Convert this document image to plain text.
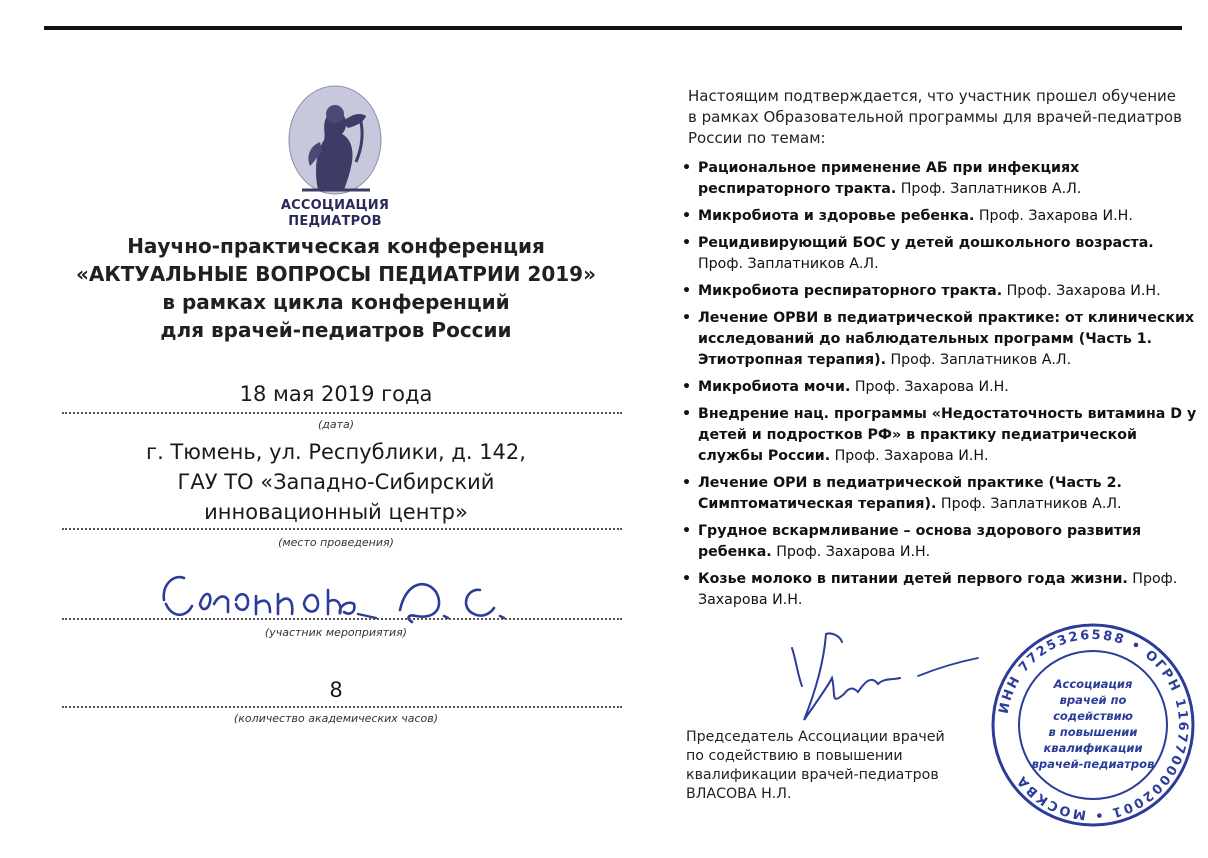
АССОЦИАЦИЯ
ПЕДИАТРОВ
Научно-практическая конференция
«АКТУАЛЬНЫЕ ВОПРОСЫ ПЕДИАТРИИ 2019»
в рамках цикла конференций
для врачей-педиатров России
18 мая 2019 года
(дата)
г. Тюмень, ул. Республики, д. 142,
ГАУ ТО «Западно-Сибирский
инновационный центр»
(место проведения)
(участник мероприятия)
8
(количество академических часов)
Настоящим подтверждается, что участник прошел обучение
в рамках Образовательной программы для врачей-педиатров
России по темам:
• Рациональное применение АБ при инфекциях респираторного тракта. Проф. Заплатников А.Л.
• Микробиота и здоровье ребенка. Проф. Захарова И.Н.
• Рецидивирующий БОС у детей дошкольного возраста. Проф. Заплатников А.Л.
• Микробиота респираторного тракта. Проф. Захарова И.Н.
• Лечение ОРВИ в педиатрической практике: от клинических исследований до наблюдательных программ (Часть 1. Этиотропная терапия). Проф. Заплатников А.Л.
• Микробиота мочи. Проф. Захарова И.Н.
• Внедрение нац. программы «Недостаточность витамина D у детей и подростков РФ» в практику педиатрической службы России. Проф. Захарова И.Н.
• Лечение ОРИ в педиатрической практике (Часть 2. Симптоматическая терапия). Проф. Заплатников А.Л.
• Грудное вскармливание – основа здорового развития ребенка. Проф. Захарова И.Н.
• Козье молоко в питании детей первого года жизни. Проф. Захарова И.Н.
Председатель Ассоциации врачей
по содействию в повышении
квалификации врачей-педиатров
ВЛАСОВА Н.Л.
ИНН 7725326588 • ОГРН 1167700002001 • МОСКВА
Ассоциация
врачей по
содействию
в повышении
квалификации
врачей-педиатров
